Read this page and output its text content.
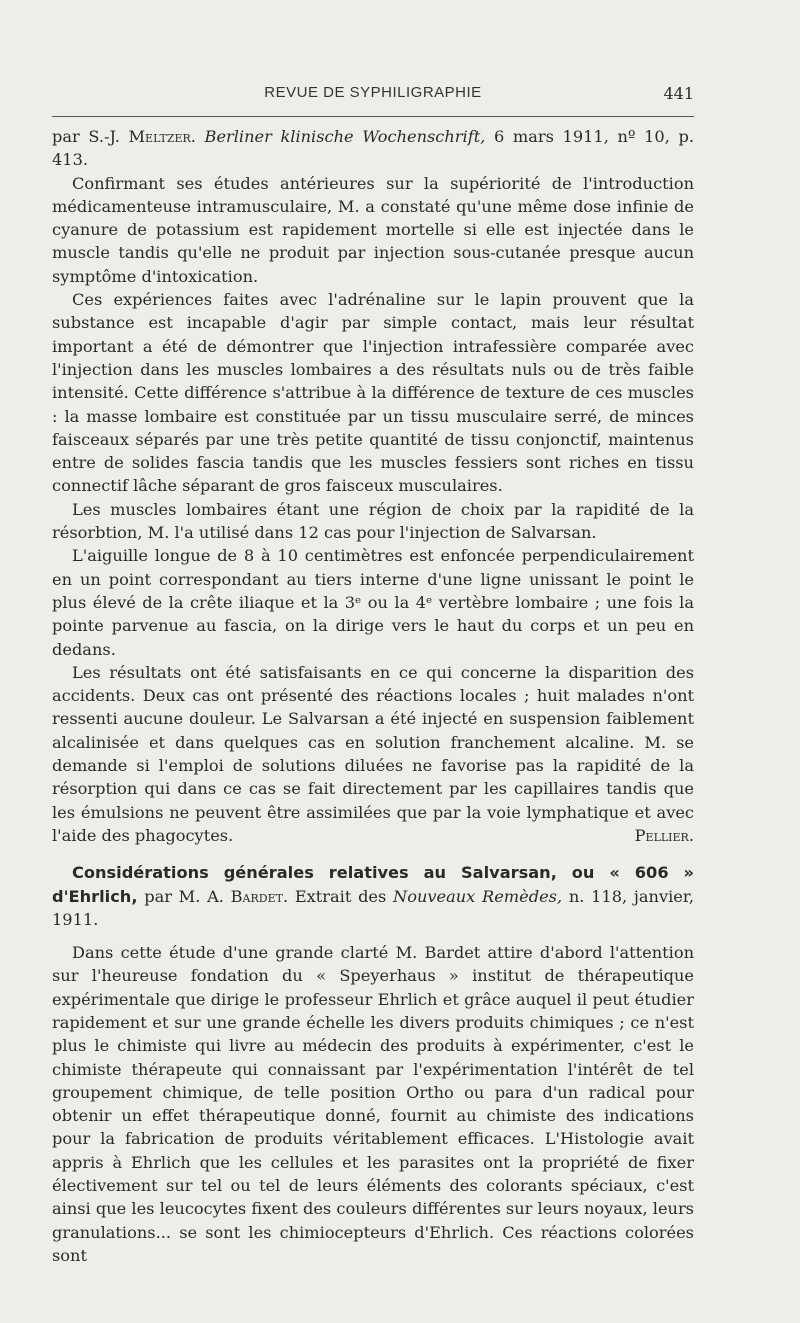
REVUE DE SYPHILIGRAPHIE	441

par S.-J. Meltzer. Berliner klinische Wochenschrift, 6 mars 1911, nº 10, p. 413.

Confirmant ses études antérieures sur la supériorité de l'introduction médicamenteuse intramusculaire, M. a constaté qu'une même dose infinie de cyanure de potassium est rapidement mortelle si elle est injectée dans le muscle tandis qu'elle ne produit par injection sous-cutanée presque aucun symptôme d'intoxication.

Ces expériences faites avec l'adrénaline sur le lapin prouvent que la substance est incapable d'agir par simple contact, mais leur résultat important a été de démontrer que l'injection intrafessière comparée avec l'injection dans les muscles lombaires a des résultats nuls ou de très faible intensité. Cette différence s'attribue à la différence de texture de ces muscles : la masse lombaire est constituée par un tissu musculaire serré, de minces faisceaux séparés par une très petite quantité de tissu conjonctif, maintenus entre de solides fascia tandis que les muscles fessiers sont riches en tissu connectif lâche séparant de gros faisceux musculaires.

Les muscles lombaires étant une région de choix par la rapidité de la résorbtion, M. l'a utilisé dans 12 cas pour l'injection de Salvarsan.

L'aiguille longue de 8 à 10 centimètres est enfoncée perpendiculairement en un point correspondant au tiers interne d'une ligne unissant le point le plus élevé de la crête iliaque et la 3ᵉ ou la 4ᵉ vertèbre lombaire ; une fois la pointe parvenue au fascia, on la dirige vers le haut du corps et un peu en dedans.

Les résultats ont été satisfaisants en ce qui concerne la disparition des accidents. Deux cas ont présenté des réactions locales ; huit malades n'ont ressenti aucune douleur. Le Salvarsan a été injecté en suspension faiblement alcalinisée et dans quelques cas en solution franchement alcaline. M. se demande si l'emploi de solutions diluées ne favorise pas la rapidité de la résorption qui dans ce cas se fait directement par les capillaires tandis que les émulsions ne peuvent être assimilées que par la voie lymphatique et avec l'aide des phagocytes.	Pellier.

Considérations générales relatives au Salvarsan, ou « 606 » d'Ehrlich, par M. A. Bardet. Extrait des Nouveaux Remèdes, n. 118, janvier, 1911.

Dans cette étude d'une grande clarté M. Bardet attire d'abord l'attention sur l'heureuse fondation du « Speyerhaus » institut de thérapeutique expérimentale que dirige le professeur Ehrlich et grâce auquel il peut étudier rapidement et sur une grande échelle les divers produits chimiques ; ce n'est plus le chimiste qui livre au médecin des produits à expérimenter, c'est le chimiste thérapeute qui connaissant par l'expérimentation l'intérêt de tel groupement chimique, de telle position Ortho ou para d'un radical pour obtenir un effet thérapeutique donné, fournit au chimiste des indications pour la fabrication de produits véritablement efficaces. L'Histologie avait appris à Ehrlich que les cellules et les parasites ont la propriété de fixer électivement sur tel ou tel de leurs éléments des colorants spéciaux, c'est ainsi que les leucocytes fixent des couleurs différentes sur leurs noyaux, leurs granulations... se sont les chimiocepteurs d'Ehrlich. Ces réactions colorées sont
